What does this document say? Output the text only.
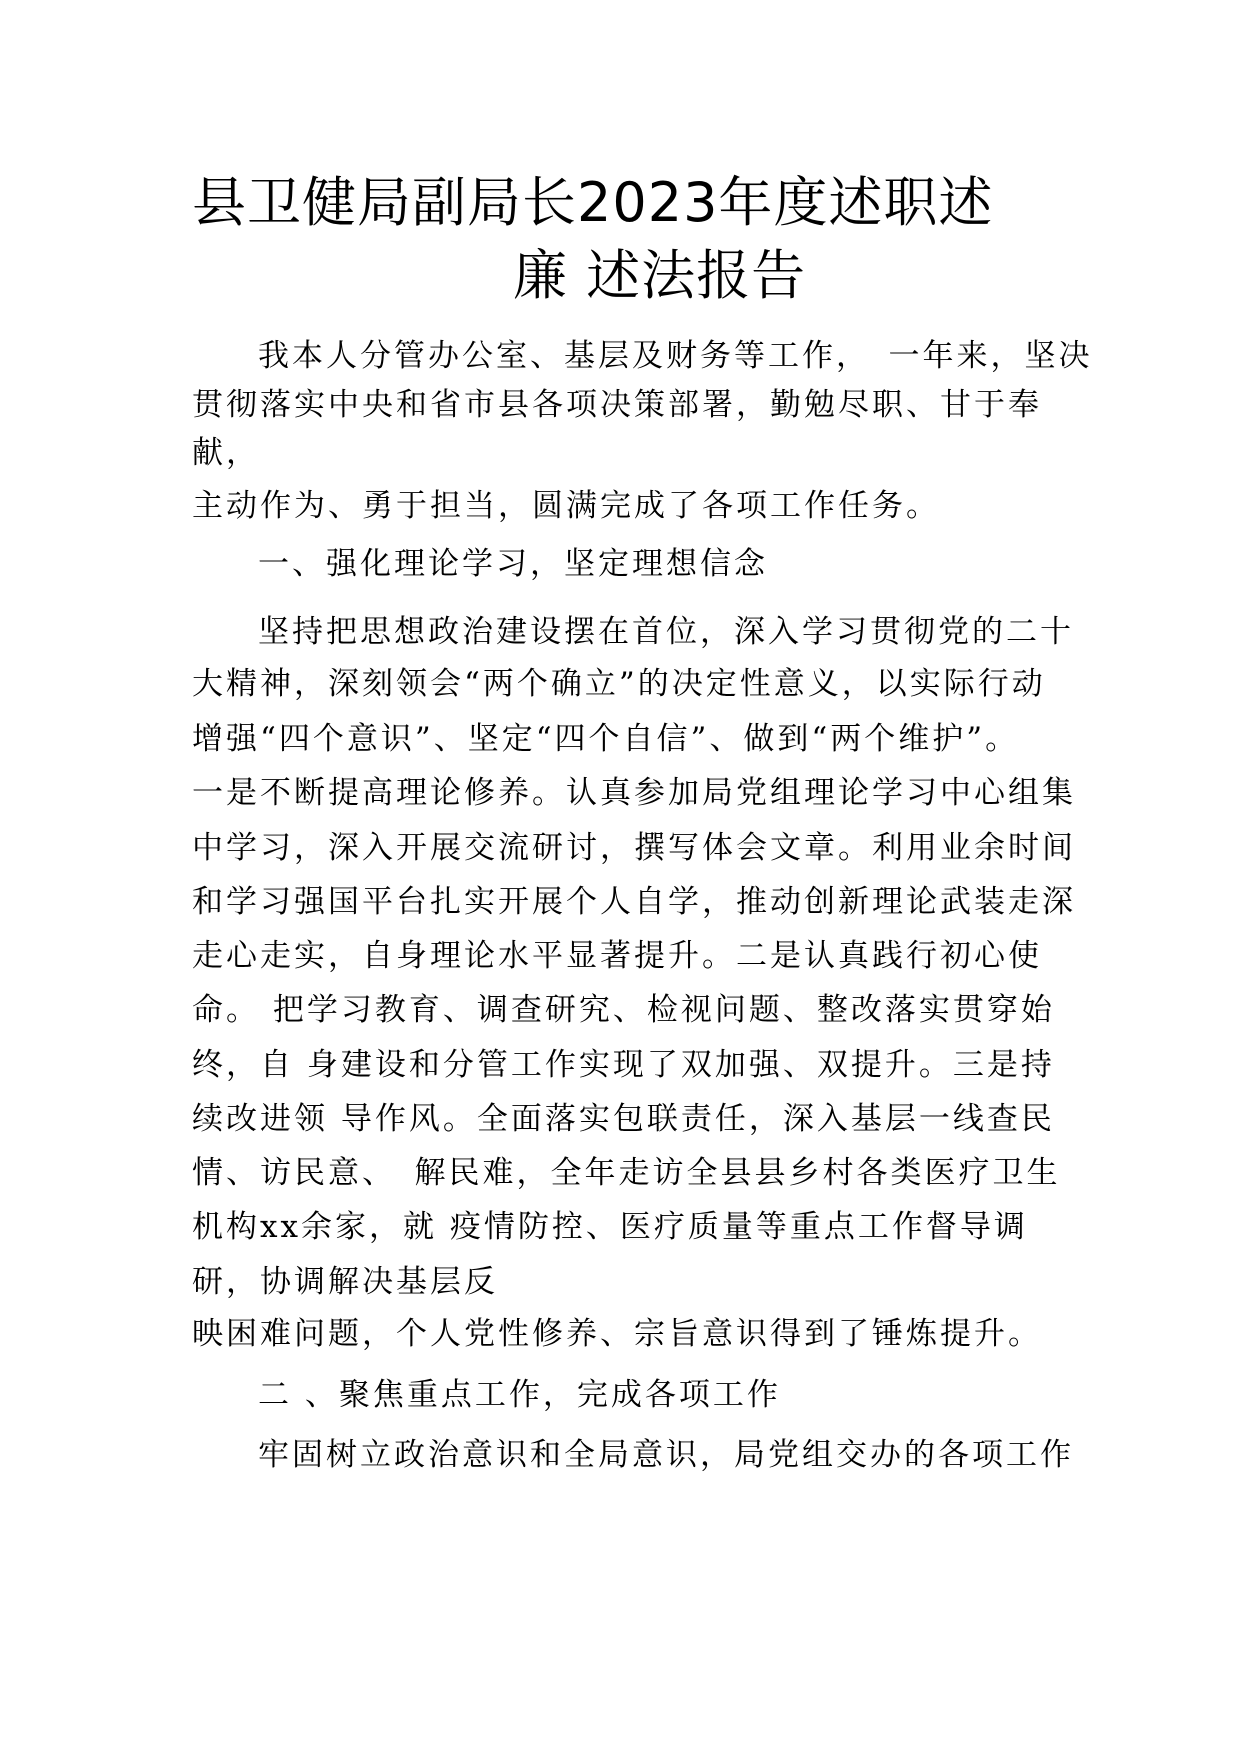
县卫健局副局长2023年度述职述
廉 述法报告
我本人分管办公室、基层及财务等工作，　一年来，坚决
贯彻落实中央和省市县各项决策部署，勤勉尽职、甘于奉
献，
主动作为、勇于担当，圆满完成了各项工作任务。
一、强化理论学习，坚定理想信念
坚持把思想政治建设摆在首位，深入学习贯彻党的二十
大精神，深刻领会“两个确立”的决定性意义，以实际行动
增强“四个意识”、坚定“四个自信”、做到“两个维护”。
一是不断提高理论修养。认真参加局党组理论学习中心组集
中学习，深入开展交流研讨，撰写体会文章。利用业余时间
和学习强国平台扎实开展个人自学，推动创新理论武装走深
走心走实，自身理论水平显著提升。二是认真践行初心使
命。 把学习教育、调查研究、检视问题、整改落实贯穿始
终，自 身建设和分管工作实现了双加强、双提升。三是持
续改进领 导作风。全面落实包联责任，深入基层一线查民
情、访民意、　解民难，全年走访全县县乡村各类医疗卫生
机构xx余家，就 疫情防控、医疗质量等重点工作督导调
研，协调解决基层反
映困难问题，个人党性修养、宗旨意识得到了锤炼提升。
二 、聚焦重点工作，完成各项工作
牢固树立政治意识和全局意识，局党组交办的各项工作
